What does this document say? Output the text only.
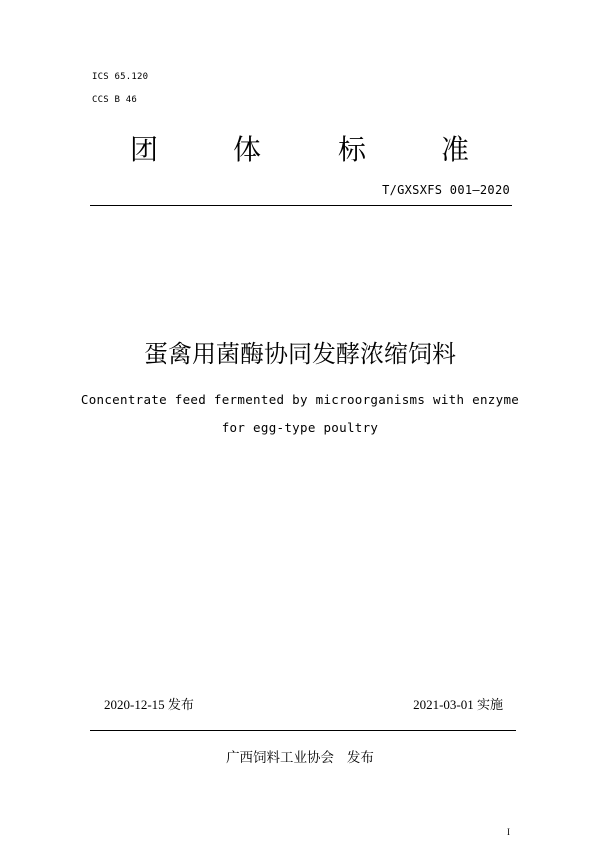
ICS 65.120
CCS B 46
团	体	标	准
T/GXSXFS 001—2020
蛋禽用菌酶协同发酵浓缩饲料
Concentrate feed fermented by microorganisms with enzyme
for egg-type poultry
2020-12-15 发布	2021-03-01 实施
广西饲料工业协会   发布
I
